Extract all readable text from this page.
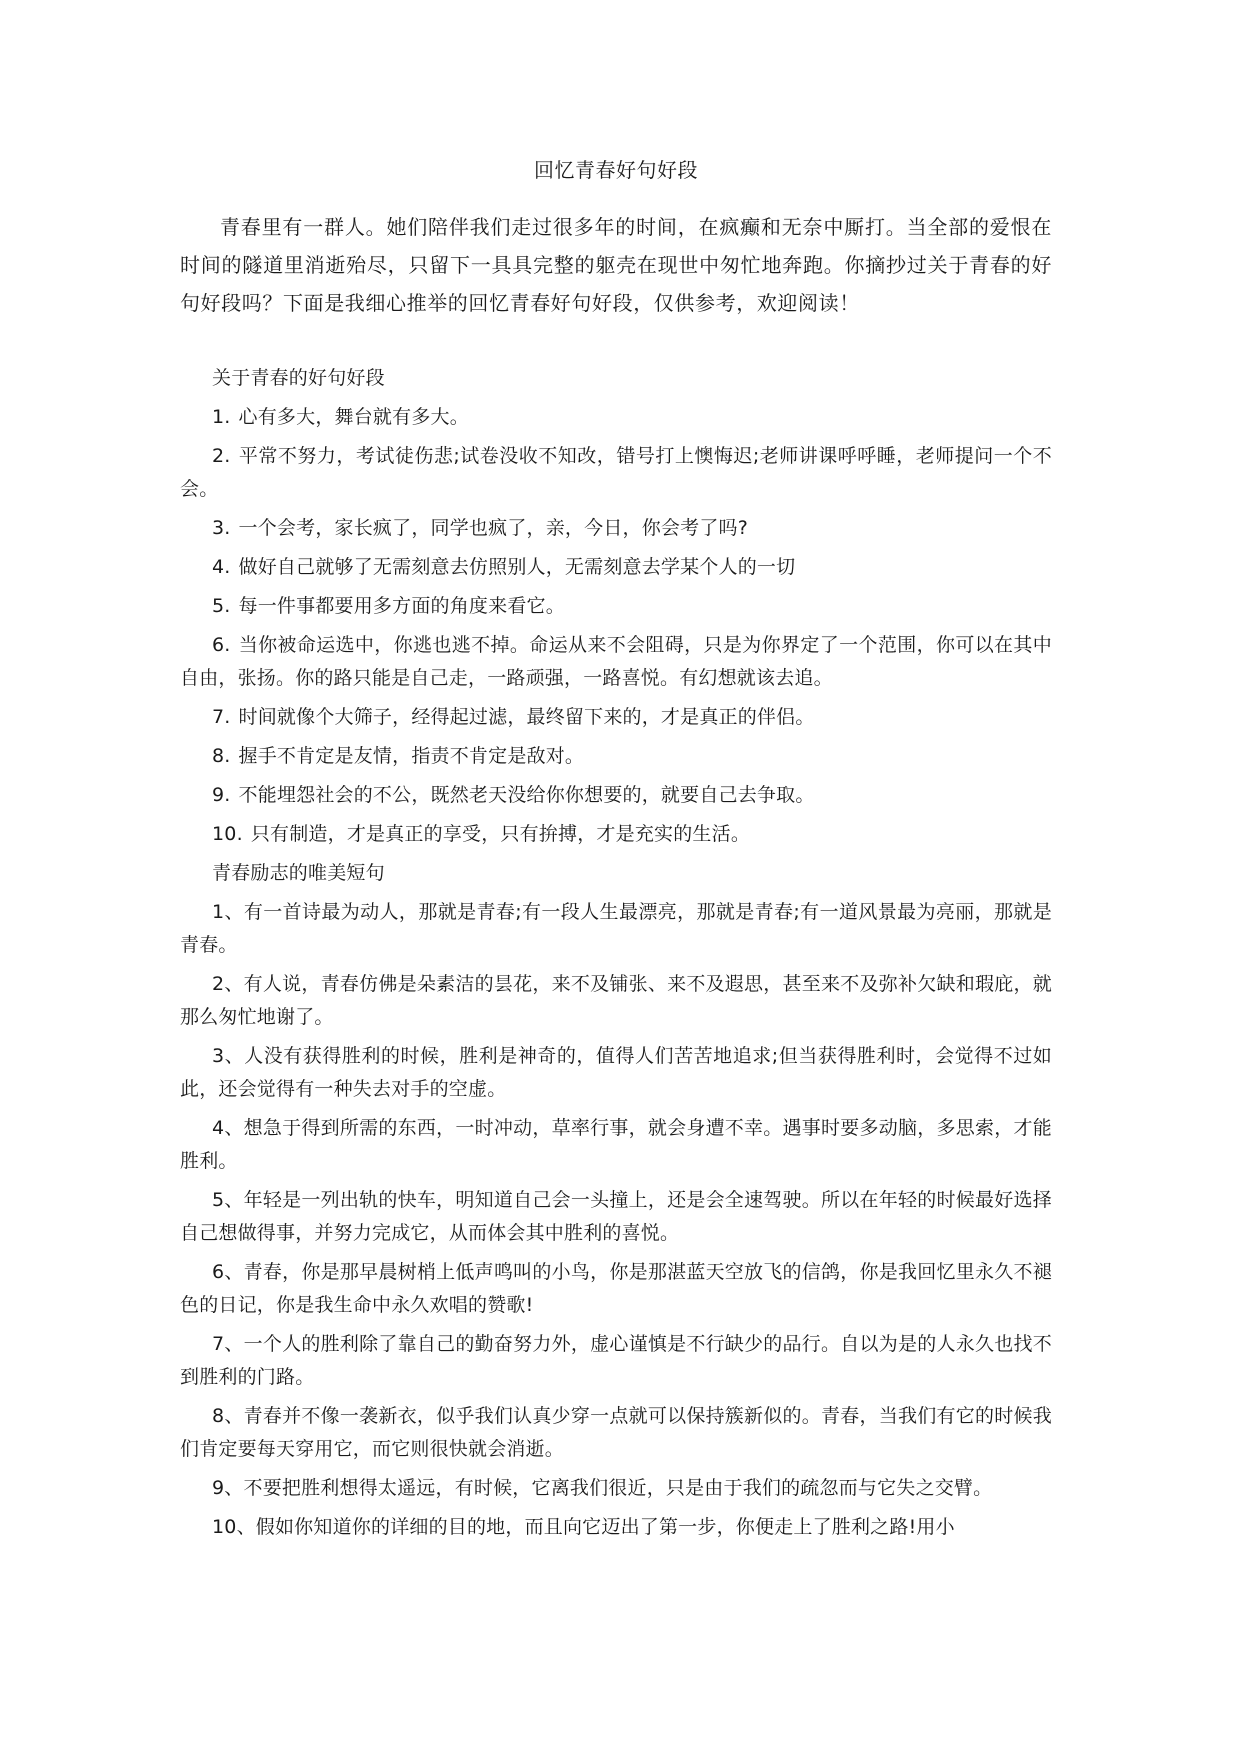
回忆青春好句好段

青春里有一群人。她们陪伴我们走过很多年的时间，在疯癫和无奈中厮打。当全部的爱恨在时间的隧道里消逝殆尽，只留下一具具完整的躯壳在现世中匆忙地奔跑。你摘抄过关于青春的好句好段吗？下面是我细心推举的回忆青春好句好段，仅供参考，欢迎阅读！

关于青春的好句好段

1. 心有多大，舞台就有多大。

2. 平常不努力，考试徒伤悲;试卷没收不知改，错号打上懊悔迟;老师讲课呼呼睡，老师提问一个不会。

3. 一个会考，家长疯了，同学也疯了，亲，今日，你会考了吗?

4. 做好自己就够了无需刻意去仿照别人，无需刻意去学某个人的一切

5. 每一件事都要用多方面的角度来看它。

6. 当你被命运选中，你逃也逃不掉。命运从来不会阻碍，只是为你界定了一个范围，你可以在其中自由，张扬。你的路只能是自己走，一路顽强，一路喜悦。有幻想就该去追。

7. 时间就像个大筛子，经得起过滤，最终留下来的，才是真正的伴侣。

8. 握手不肯定是友情，指责不肯定是敌对。

9. 不能埋怨社会的不公，既然老天没给你你想要的，就要自己去争取。

10. 只有制造，才是真正的享受，只有拚搏，才是充实的生活。

青春励志的唯美短句

1、有一首诗最为动人，那就是青春;有一段人生最漂亮，那就是青春;有一道风景最为亮丽，那就是青春。

2、有人说，青春仿佛是朵素洁的昙花，来不及铺张、来不及遐思，甚至来不及弥补欠缺和瑕庇，就那么匆忙地谢了。

3、人没有获得胜利的时候，胜利是神奇的，值得人们苦苦地追求;但当获得胜利时，会觉得不过如此，还会觉得有一种失去对手的空虚。

4、想急于得到所需的东西，一时冲动，草率行事，就会身遭不幸。遇事时要多动脑，多思索，才能胜利。

5、年轻是一列出轨的快车，明知道自己会一头撞上，还是会全速驾驶。所以在年轻的时候最好选择自己想做得事，并努力完成它，从而体会其中胜利的喜悦。

6、青春，你是那早晨树梢上低声鸣叫的小鸟，你是那湛蓝天空放飞的信鸽，你是我回忆里永久不褪色的日记，你是我生命中永久欢唱的赞歌!

7、一个人的胜利除了靠自己的勤奋努力外，虚心谨慎是不行缺少的品行。自以为是的人永久也找不到胜利的门路。

8、青春并不像一袭新衣，似乎我们认真少穿一点就可以保持簇新似的。青春，当我们有它的时候我们肯定要每天穿用它，而它则很快就会消逝。

9、不要把胜利想得太遥远，有时候，它离我们很近，只是由于我们的疏忽而与它失之交臂。

10、假如你知道你的详细的目的地，而且向它迈出了第一步，你便走上了胜利之路!用小
